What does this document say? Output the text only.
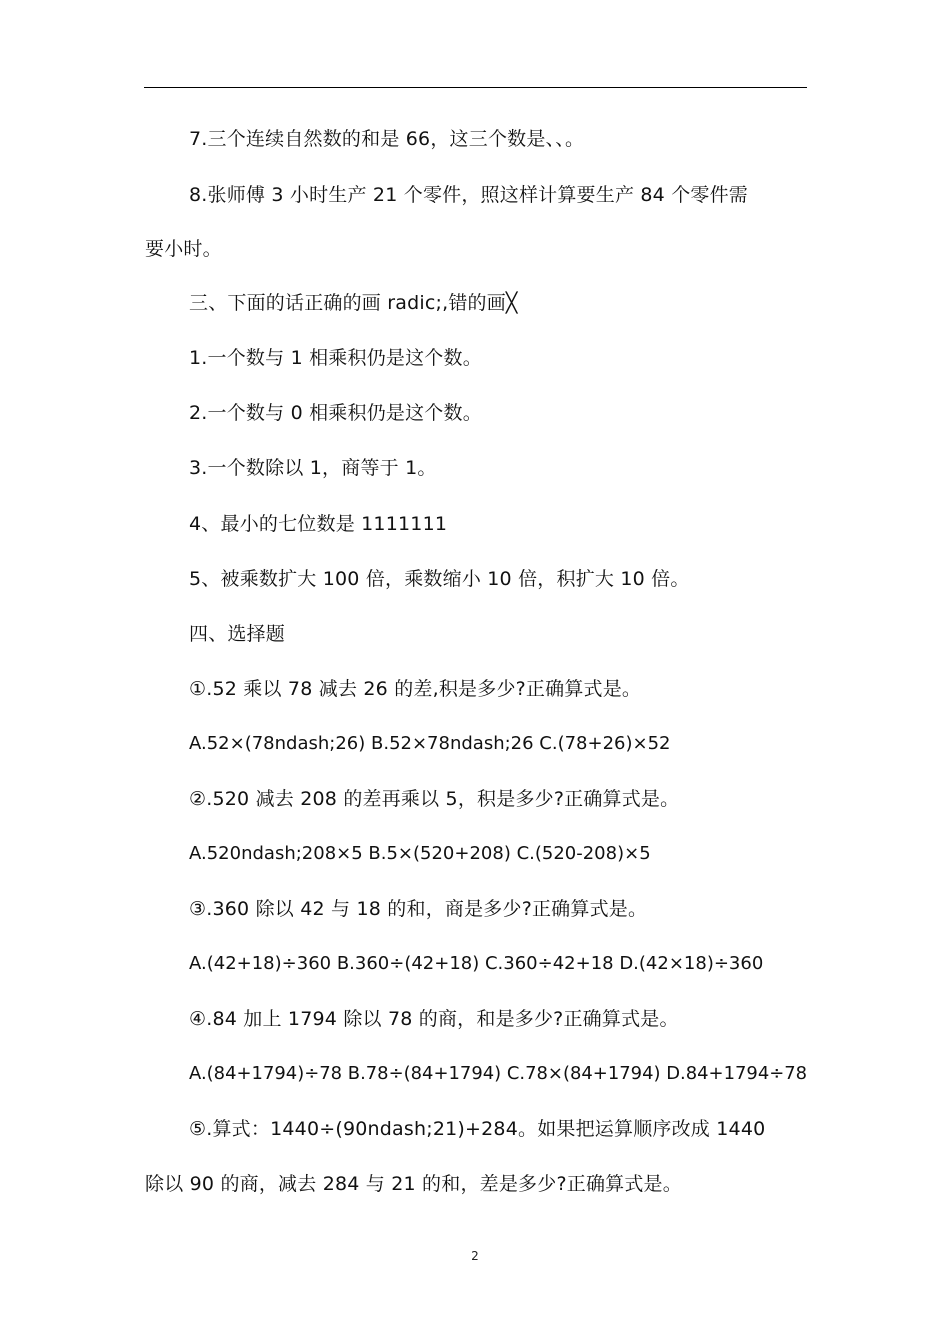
7.三个连续自然数的和是 66，这三个数是、、。
8.张师傅 3 小时生产 21 个零件，照这样计算要生产 84 个零件需
要小时。
三、下面的话正确的画 radic;,错的画╳
1.一个数与 1 相乘积仍是这个数。
2.一个数与 0 相乘积仍是这个数。
3.一个数除以 1，商等于 1。
4、最小的七位数是 1111111
5、被乘数扩大 100 倍，乘数缩小 10 倍，积扩大 10 倍。
四、选择题
①.52 乘以 78 减去 26 的差,积是多少?正确算式是。
A.52×(78ndash;26) B.52×78ndash;26 C.(78+26)×52
②.520 减去 208 的差再乘以 5，积是多少?正确算式是。
A.520ndash;208×5 B.5×(520+208) C.(520-208)×5
③.360 除以 42 与 18 的和，商是多少?正确算式是。
A.(42+18)÷360 B.360÷(42+18) C.360÷42+18 D.(42×18)÷360
④.84 加上 1794 除以 78 的商，和是多少?正确算式是。
A.(84+1794)÷78 B.78÷(84+1794) C.78×(84+1794) D.84+1794÷78
⑤.算式：1440÷(90ndash;21)+284。如果把运算顺序改成 1440
除以 90 的商，减去 284 与 21 的和，差是多少?正确算式是。
2
